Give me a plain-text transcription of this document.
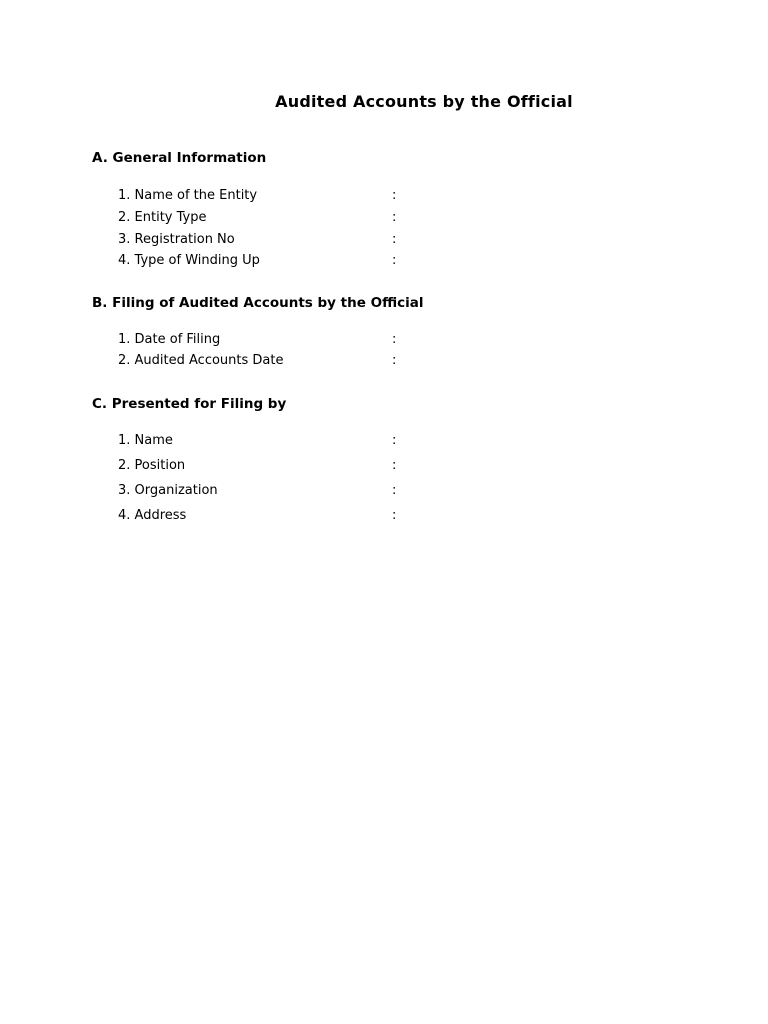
Audited Accounts by the Official
A. General Information
1. Name of the Entity	:
2. Entity Type	:
3. Registration No	:
4. Type of Winding Up	:
B. Filing of Audited Accounts by the Official
1. Date of Filing	:
2. Audited Accounts Date	:
C. Presented for Filing by
1. Name	:
2. Position	:
3. Organization	:
4. Address	:
